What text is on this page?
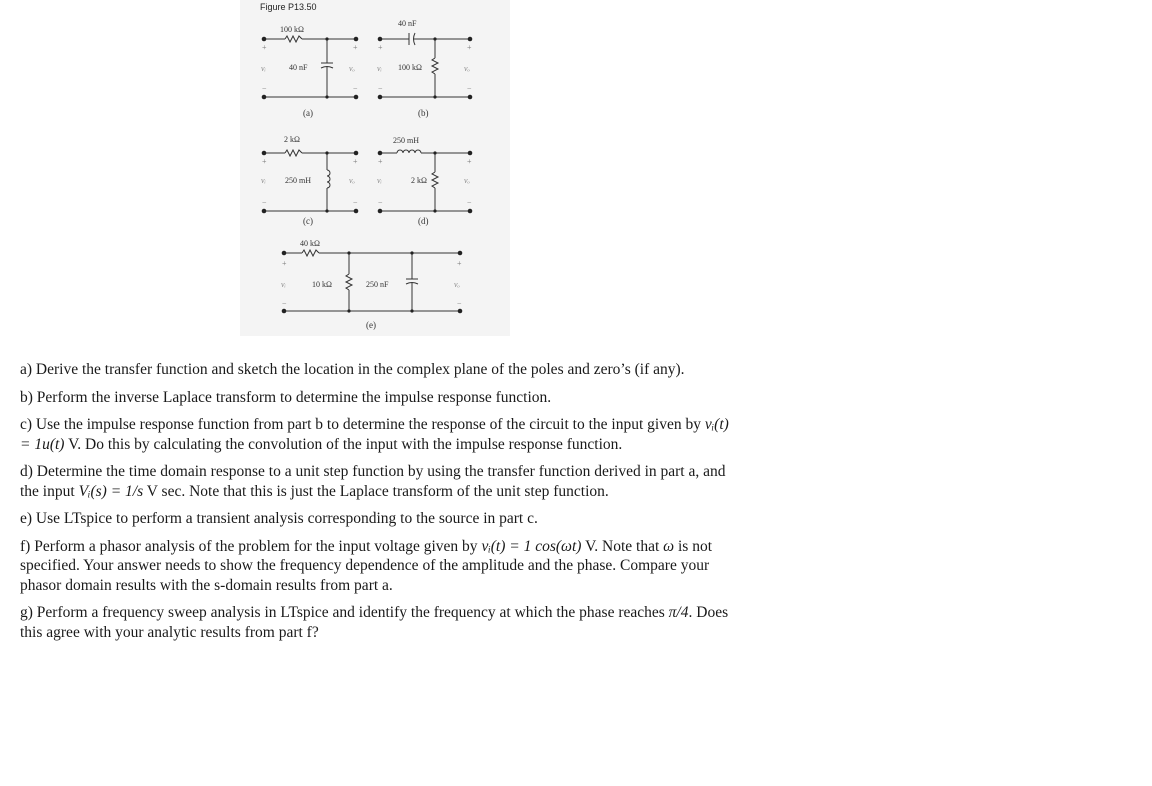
Figure P13.50
100 kΩ
40 nF
(a)
40 nF
100 kΩ
(b)
2 kΩ
250 mH
(c)
250 mH
2 kΩ
(d)
40 kΩ
10 kΩ	250 nF
(e)
+
vᵢ
−
+
vₒ
−
+
vᵢ
−
+
vₒ
−
+
vᵢ
−
+
vₒ
−
+
vᵢ
−
+
vₒ
−
+
vᵢ
−
+
vₒ
−

a) Derive the transfer function and sketch the location in the complex plane of the poles and zero’s (if any).

b) Perform the inverse Laplace transform to determine the impulse response function.

c) Use the impulse response function from part b to determine the response of the circuit to the input given by vᵢ(t) = 1u(t) V. Do this by calculating the convolution of the input with the impulse response function.

d) Determine the time domain response to a unit step function by using the transfer function derived in part a, and the input Vᵢ(s) = 1/s V sec. Note that this is just the Laplace transform of the unit step function.

e) Use LTspice to perform a transient analysis corresponding to the source in part c.

f) Perform a phasor analysis of the problem for the input voltage given by vᵢ(t) = 1 cos(ωt) V. Note that ω is not specified. Your answer needs to show the frequency dependence of the amplitude and the phase. Compare your phasor domain results with the s-domain results from part a.

g) Perform a frequency sweep analysis in LTspice and identify the frequency at which the phase reaches π/4. Does this agree with your analytic results from part f?
